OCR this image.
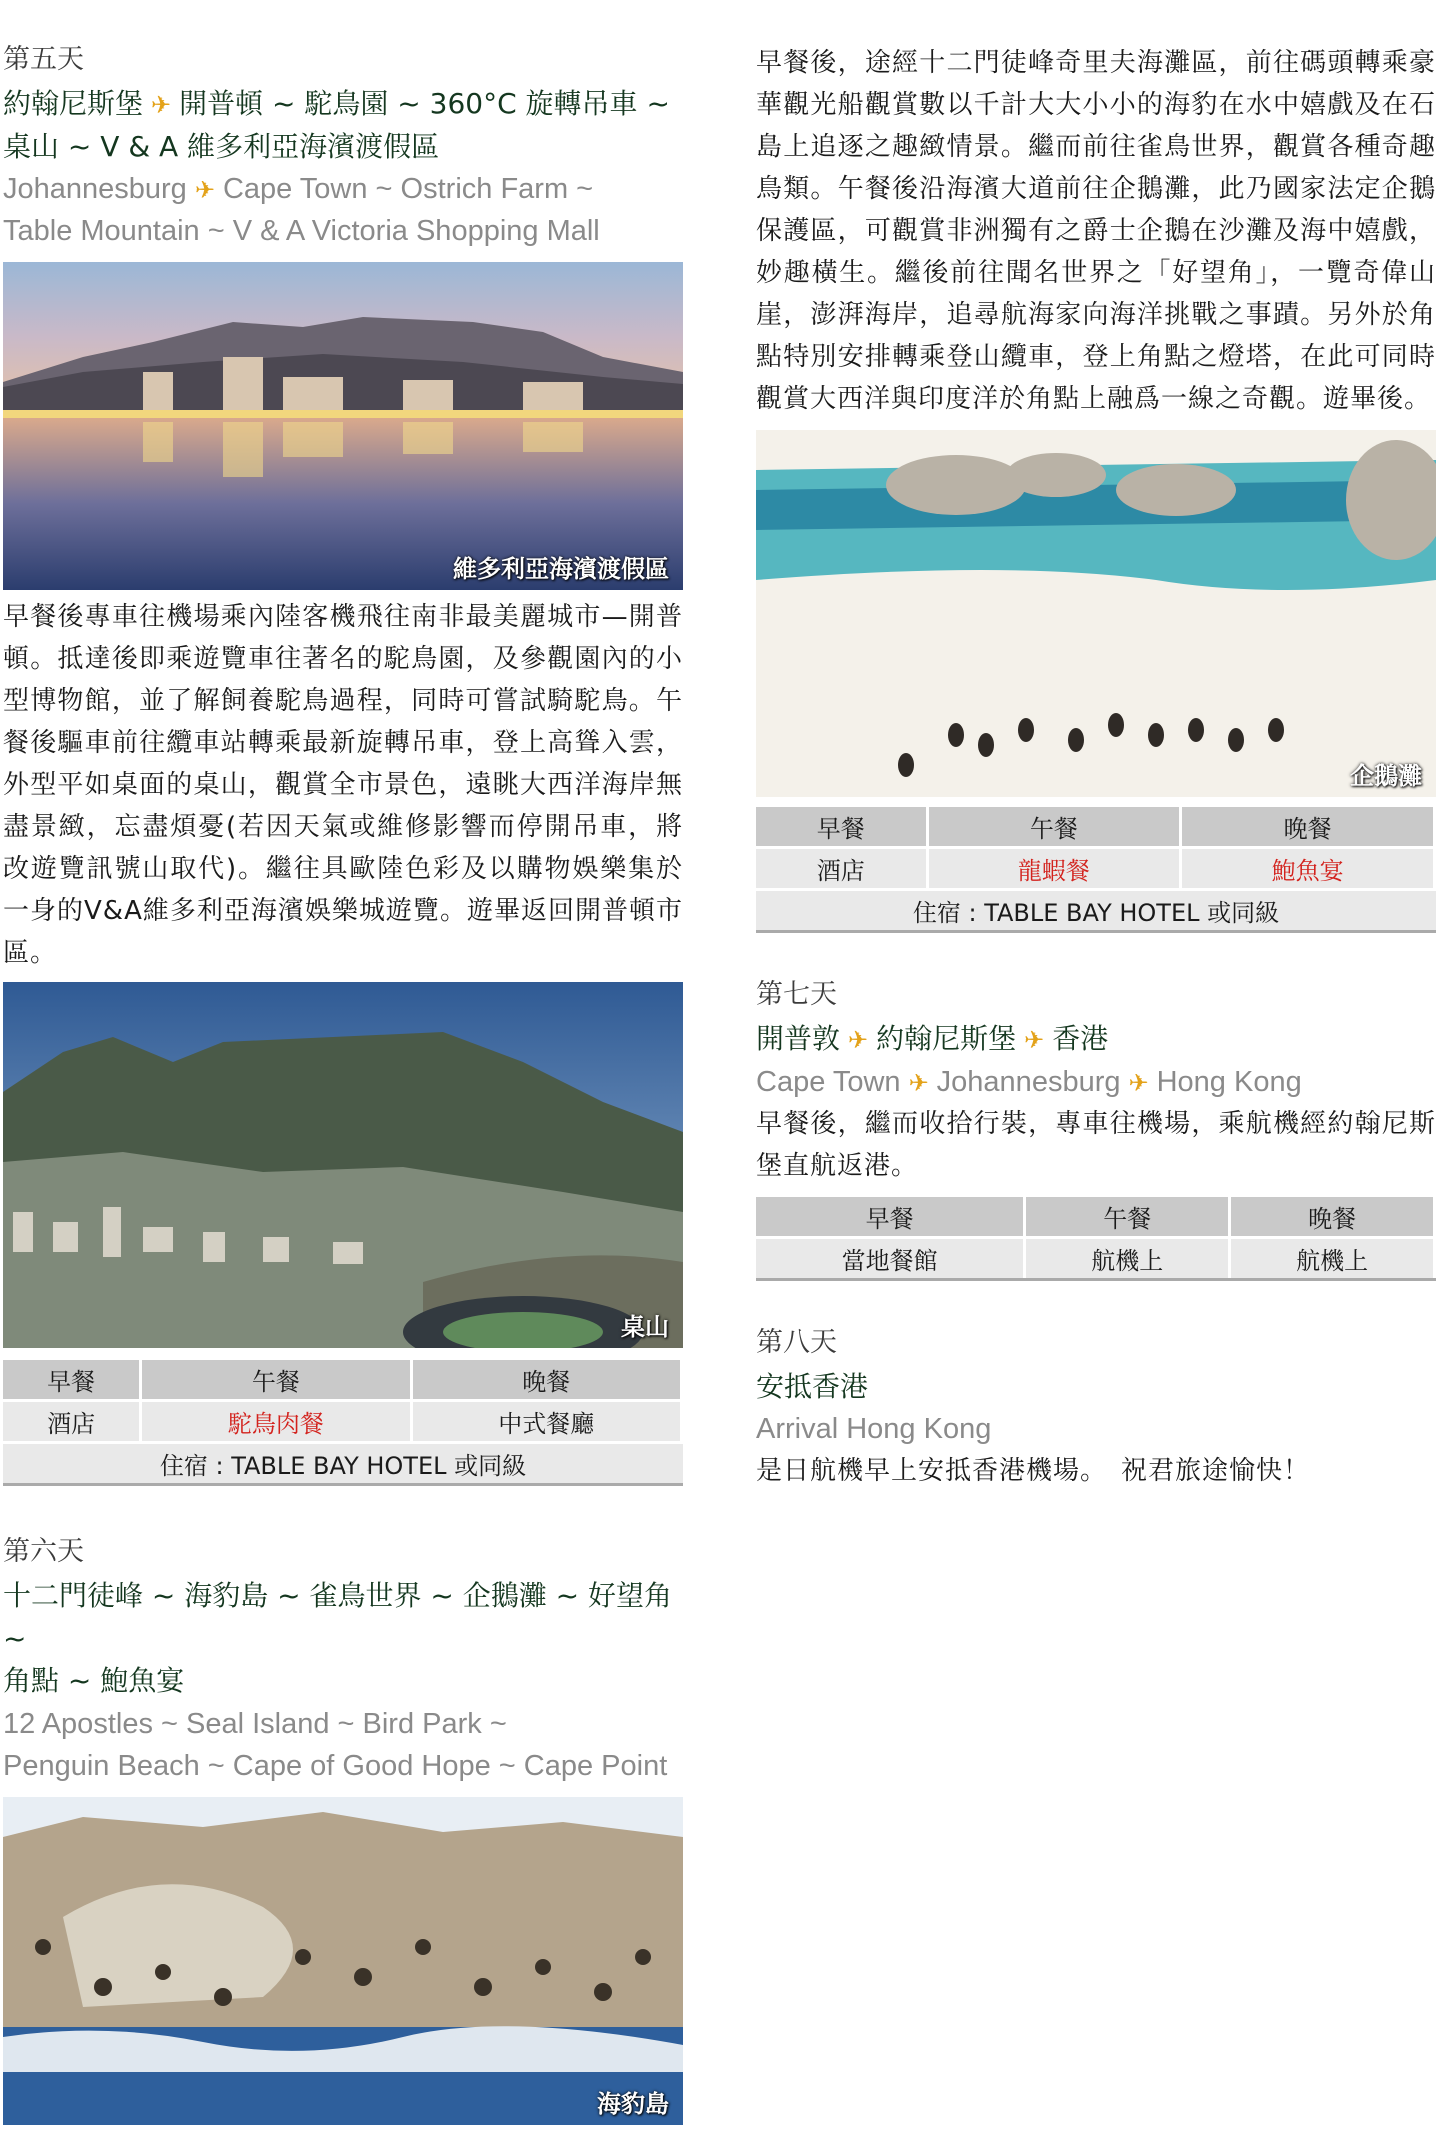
第五天

約翰尼斯堡 ✈ 開普頓 ~ 駝鳥園 ~ 360°C 旋轉吊車 ~

桌山 ~ V & A 維多利亞海濱渡假區

Johannesburg ✈ Cape Town ~ Ostrich Farm ~

Table Mountain ~ V & A Victoria Shopping Mall

維多利亞海濱渡假區

早餐後專車往機場乘內陸客機飛往南非最美麗城市—開普頓。抵達後即乘遊覽車往著名的駝鳥園，及參觀園內的小型博物館，並了解飼養駝鳥過程，同時可嘗試騎駝鳥。午餐後驅車前往纜車站轉乘最新旋轉吊車，登上高聳入雲，外型平如桌面的桌山，觀賞全市景色，遠眺大西洋海岸無盡景緻，忘盡煩憂(若因天氣或維修影響而停開吊車，將改遊覽訊號山取代)。繼往具歐陸色彩及以購物娛樂集於一身的V&A維多利亞海濱娛樂城遊覽。遊畢返回開普頓市區。

桌山
早餐	午餐	晚餐
酒店	駝鳥肉餐	中式餐廳
住宿 : TABLE BAY HOTEL 或同級		

第六天

十二門徒峰 ~ 海豹島 ~ 雀鳥世界 ~ 企鵝灘 ~ 好望角 ~

角點 ~ 鮑魚宴

12 Apostles ~ Seal Island ~ Bird Park ~

Penguin Beach ~ Cape of Good Hope ~ Cape Point

海豹島

早餐後，途經十二門徒峰奇里夫海灘區，前往碼頭轉乘豪華觀光船觀賞數以千計大大小小的海豹在水中嬉戲及在石島上追逐之趣緻情景。繼而前往雀鳥世界，觀賞各種奇趣鳥類。午餐後沿海濱大道前往企鵝灘，此乃國家法定企鵝保護區，可觀賞非洲獨有之爵士企鵝在沙灘及海中嬉戲，妙趣橫生。繼後前往聞名世界之「好望角」，一覽奇偉山崖，澎湃海岸，追尋航海家向海洋挑戰之事蹟。另外於角點特別安排轉乘登山纜車，登上角點之燈塔，在此可同時觀賞大西洋與印度洋於角點上融爲一線之奇觀。遊畢後。

企鵝灘
早餐	午餐	晚餐
酒店	龍蝦餐	鮑魚宴
住宿 : TABLE BAY HOTEL 或同級		

第七天

開普敦 ✈ 約翰尼斯堡 ✈ 香港

Cape Town ✈ Johannesburg ✈ Hong Kong

早餐後，繼而收拾行裝，專車往機場，乘航機經約翰尼斯堡直航返港。

早餐	午餐	晚餐
當地餐館	航機上	航機上

第八天

安抵香港

Arrival Hong Kong

是日航機早上安抵香港機場。　祝君旅途愉快！
